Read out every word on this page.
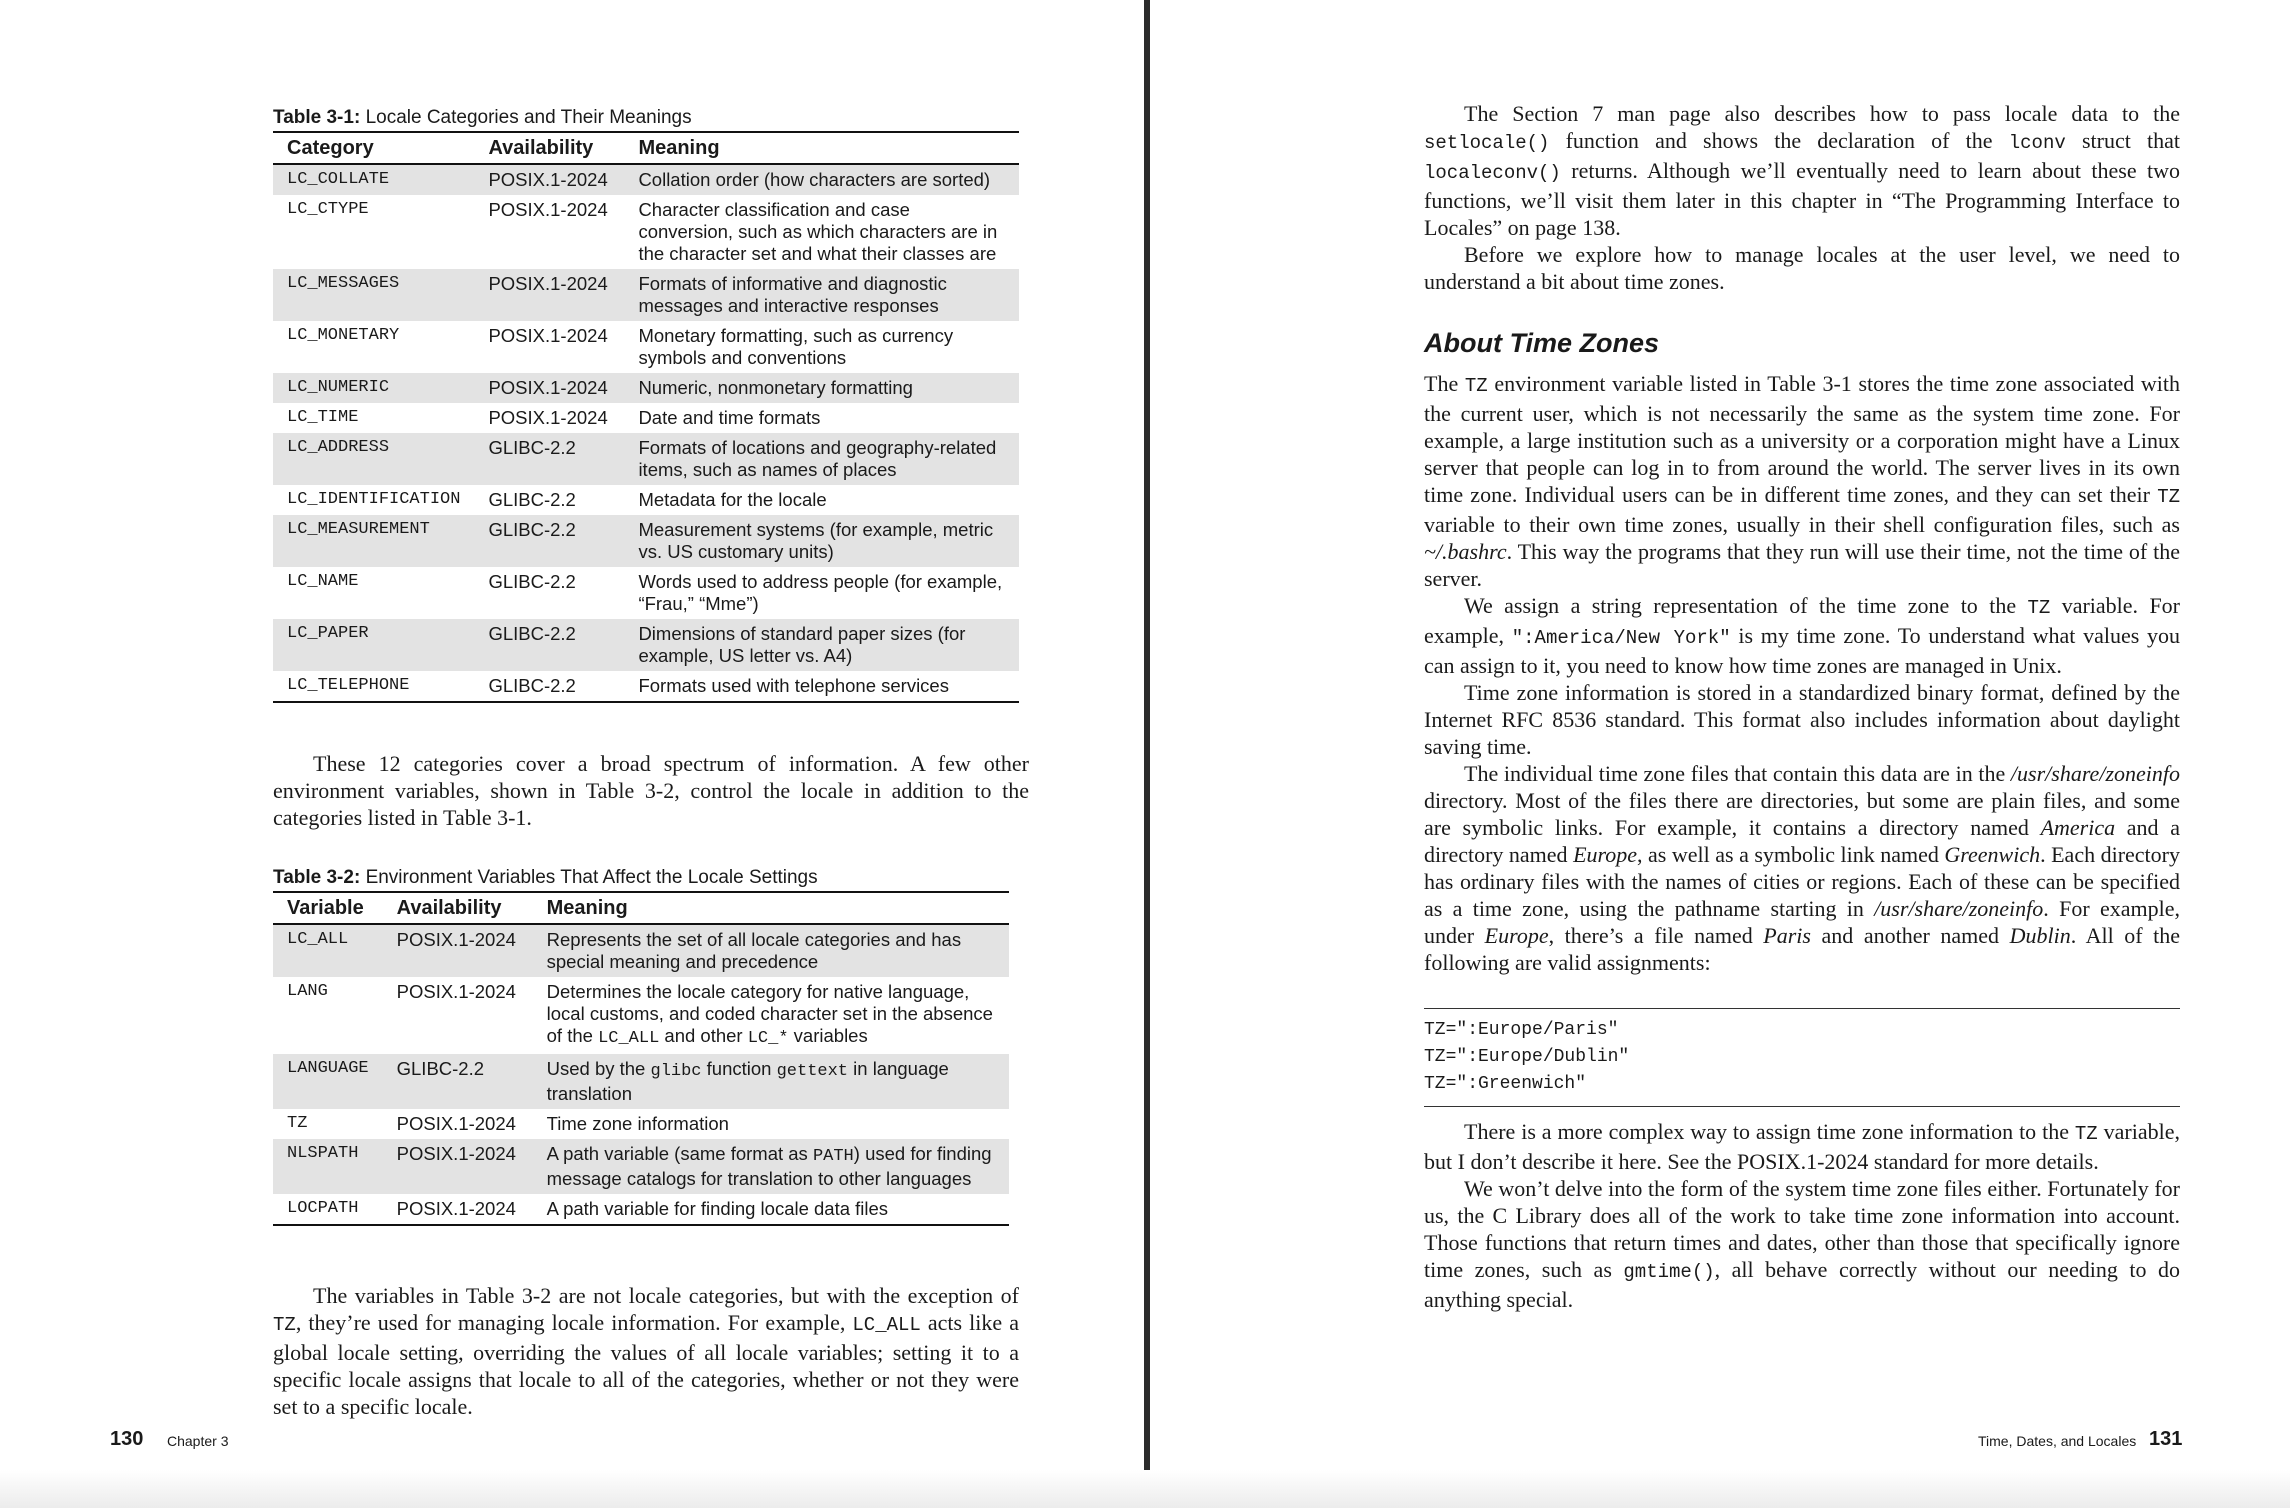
Table 3-1: Locale Categories and Their Meanings
Category	Availability	Meaning
LC_COLLATE	POSIX.1-2024	Collation order (how characters are sorted)
LC_CTYPE	POSIX.1-2024	Character classification and case conversion, such as which characters are in the character set and what their classes are
LC_MESSAGES	POSIX.1-2024	Formats of informative and diagnostic messages and interactive responses
LC_MONETARY	POSIX.1-2024	Monetary formatting, such as currency symbols and conventions
LC_NUMERIC	POSIX.1-2024	Numeric, nonmonetary formatting
LC_TIME	POSIX.1-2024	Date and time formats
LC_ADDRESS	GLIBC-2.2	Formats of locations and geography-related items, such as names of places
LC_IDENTIFICATION	GLIBC-2.2	Metadata for the locale
LC_MEASUREMENT	GLIBC-2.2	Measurement systems (for example, metric vs. US customary units)
LC_NAME	GLIBC-2.2	Words used to address people (for example, “Frau,” “Mme”)
LC_PAPER	GLIBC-2.2	Dimensions of standard paper sizes (for example, US letter vs. A4)
LC_TELEPHONE	GLIBC-2.2	Formats used with telephone services

These 12 categories cover a broad spectrum of information. A few other environment variables, shown in Table 3-2, control the locale in addition to the categories listed in Table 3-1.

Table 3-2: Environment Variables That Affect the Locale Settings
Variable	Availability	Meaning
LC_ALL	POSIX.1-2024	Represents the set of all locale categories and has special meaning and precedence
LANG	POSIX.1-2024	Determines the locale category for native language, local customs, and coded character set in the absence of the LC_ALL and other LC_* variables
LANGUAGE	GLIBC-2.2	Used by the glibc function gettext in language translation
TZ	POSIX.1-2024	Time zone information
NLSPATH	POSIX.1-2024	A path variable (same format as PATH) used for finding message catalogs for translation to other languages
LOCPATH	POSIX.1-2024	A path variable for finding locale data files

The variables in Table 3-2 are not locale categories, but with the exception of TZ, they’re used for managing locale information. For example, LC_ALL acts like a global locale setting, overriding the values of all locale variables; setting it to a specific locale assigns that locale to all of the categories, whether or not they were set to a specific locale.

130 Chapter 3

The Section 7 man page also describes how to pass locale data to the setlocale() function and shows the declaration of the lconv struct that localeconv() returns. Although we’ll eventually need to learn about these two functions, we’ll visit them later in this chapter in “The Programming Interface to Locales” on page 138.

Before we explore how to manage locales at the user level, we need to understand a bit about time zones.

About Time Zones

The TZ environment variable listed in Table 3-1 stores the time zone associated with the current user, which is not necessarily the same as the system time zone. For example, a large institution such as a university or a corporation might have a Linux server that people can log in to from around the world. The server lives in its own time zone. Individual users can be in different time zones, and they can set their TZ variable to their own time zones, usually in their shell configuration files, such as ~/.bashrc. This way the programs that they run will use their time, not the time of the server.

We assign a string representation of the time zone to the TZ variable. For example, ":America/New York" is my time zone. To understand what values you can assign to it, you need to know how time zones are managed in Unix.

Time zone information is stored in a standardized binary format, defined by the Internet RFC 8536 standard. This format also includes information about daylight saving time.

The individual time zone files that contain this data are in the /usr/share/zoneinfo directory. Most of the files there are directories, but some are plain files, and some are symbolic links. For example, it contains a directory named America and a directory named Europe, as well as a symbolic link named Greenwich. Each directory has ordinary files with the names of cities or regions. Each of these can be specified as a time zone, using the pathname starting in /usr/share/zoneinfo. For example, under Europe, there’s a file named Paris and another named Dublin. All of the following are valid assignments:

TZ=":Europe/Paris"
TZ=":Europe/Dublin"
TZ=":Greenwich"

There is a more complex way to assign time zone information to the TZ variable, but I don’t describe it here. See the POSIX.1-2024 standard for more details.

We won’t delve into the form of the system time zone files either. Fortunately for us, the C Library does all of the work to take time zone information into account. Those functions that return times and dates, other than those that specifically ignore time zones, such as gmtime(), all behave correctly without our needing to do anything special.

Time, Dates, and Locales 131
